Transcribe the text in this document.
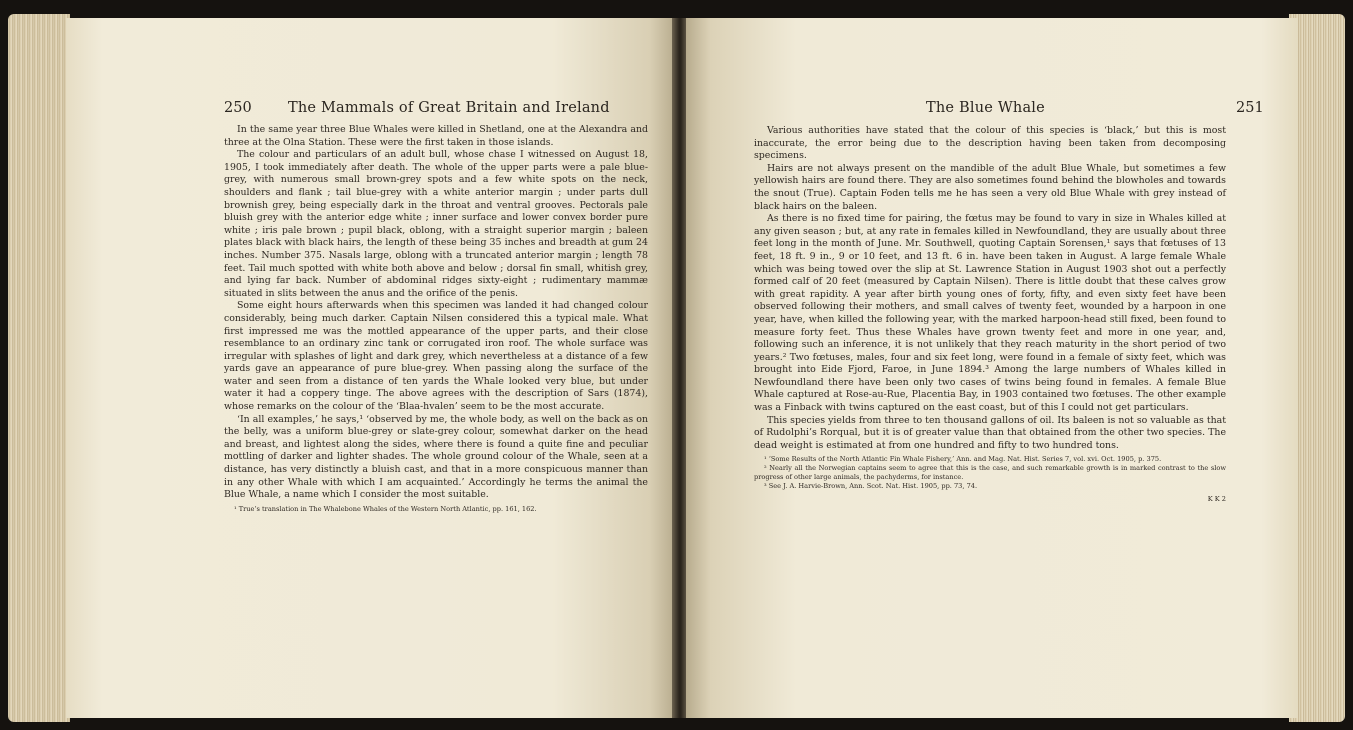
250	The Mammals of Great Britain and Ireland

In the same year three Blue Whales were killed in Shetland, one at the Alexandra and three at the Olna Station. These were the first taken in those islands.

The colour and particulars of an adult bull, whose chase I witnessed on August 18, 1905, I took immediately after death. The whole of the upper parts were a pale blue-grey, with numerous small brown-grey spots and a few white spots on the neck, shoulders and flank ; tail blue-grey with a white anterior margin ; under parts dull brownish grey, being especially dark in the throat and ventral grooves. Pectorals pale bluish grey with the anterior edge white ; inner surface and lower convex border pure white ; iris pale brown ; pupil black, oblong, with a straight superior margin ; baleen plates black with black hairs, the length of these being 35 inches and breadth at gum 24 inches. Number 375. Nasals large, oblong with a truncated anterior margin ; length 78 feet. Tail much spotted with white both above and below ; dorsal fin small, whitish grey, and lying far back. Number of abdominal ridges sixty-eight ; rudimentary mammæ situated in slits between the anus and the orifice of the penis.

Some eight hours afterwards when this specimen was landed it had changed colour considerably, being much darker. Captain Nilsen considered this a typical male. What first impressed me was the mottled appearance of the upper parts, and their close resemblance to an ordinary zinc tank or corrugated iron roof. The whole surface was irregular with splashes of light and dark grey, which nevertheless at a distance of a few yards gave an appearance of pure blue-grey. When passing along the surface of the water and seen from a distance of ten yards the Whale looked very blue, but under water it had a coppery tinge. The above agrees with the description of Sars (1874), whose remarks on the colour of the ‘Blaa-hvalen’ seem to be the most accurate.

‘In all examples,’ he says,¹ ‘observed by me, the whole body, as well on the back as on the belly, was a uniform blue-grey or slate-grey colour, somewhat darker on the head and breast, and lightest along the sides, where there is found a quite fine and peculiar mottling of darker and lighter shades. The whole ground colour of the Whale, seen at a distance, has very distinctly a bluish cast, and that in a more conspicuous manner than in any other Whale with which I am acquainted.’ Accordingly he terms the animal the Blue Whale, a name which I consider the most suitable.

¹ True’s translation in The Whalebone Whales of the Western North Atlantic, pp. 161, 162.

The Blue Whale	251

Various authorities have stated that the colour of this species is ‘black,’ but this is most inaccurate, the error being due to the description having been taken from decomposing specimens.

Hairs are not always present on the mandible of the adult Blue Whale, but sometimes a few yellowish hairs are found there. They are also sometimes found behind the blowholes and towards the snout (True). Captain Foden tells me he has seen a very old Blue Whale with grey instead of black hairs on the baleen.

As there is no fixed time for pairing, the fœtus may be found to vary in size in Whales killed at any given season ; but, at any rate in females killed in Newfoundland, they are usually about three feet long in the month of June. Mr. Southwell, quoting Captain Sorensen,¹ says that fœtuses of 13 feet, 18 ft. 9 in., 9 or 10 feet, and 13 ft. 6 in. have been taken in August. A large female Whale which was being towed over the slip at St. Lawrence Station in August 1903 shot out a perfectly formed calf of 20 feet (measured by Captain Nilsen). There is little doubt that these calves grow with great rapidity. A year after birth young ones of forty, fifty, and even sixty feet have been observed following their mothers, and small calves of twenty feet, wounded by a harpoon in one year, have, when killed the following year, with the marked harpoon-head still fixed, been found to measure forty feet. Thus these Whales have grown twenty feet and more in one year, and, following such an inference, it is not unlikely that they reach maturity in the short period of two years.² Two fœtuses, males, four and six feet long, were found in a female of sixty feet, which was brought into Eide Fjord, Faroe, in June 1894.³ Among the large numbers of Whales killed in Newfoundland there have been only two cases of twins being found in females. A female Blue Whale captured at Rose-au-Rue, Placentia Bay, in 1903 contained two fœtuses. The other example was a Finback with twins captured on the east coast, but of this I could not get particulars.

This species yields from three to ten thousand gallons of oil. Its baleen is not so valuable as that of Rudolphi’s Rorqual, but it is of greater value than that obtained from the other two species. The dead weight is estimated at from one hundred and fifty to two hundred tons.

¹ ‘Some Results of the North Atlantic Fin Whale Fishery,’ Ann. and Mag. Nat. Hist. Series 7, vol. xvi. Oct. 1905, p. 375.

² Nearly all the Norwegian captains seem to agree that this is the case, and such remarkable growth is in marked contrast to the slow progress of other large animals, the pachyderms, for instance.

³ See J. A. Harvie-Brown, Ann. Scot. Nat. Hist. 1905, pp. 73, 74.

K K 2
